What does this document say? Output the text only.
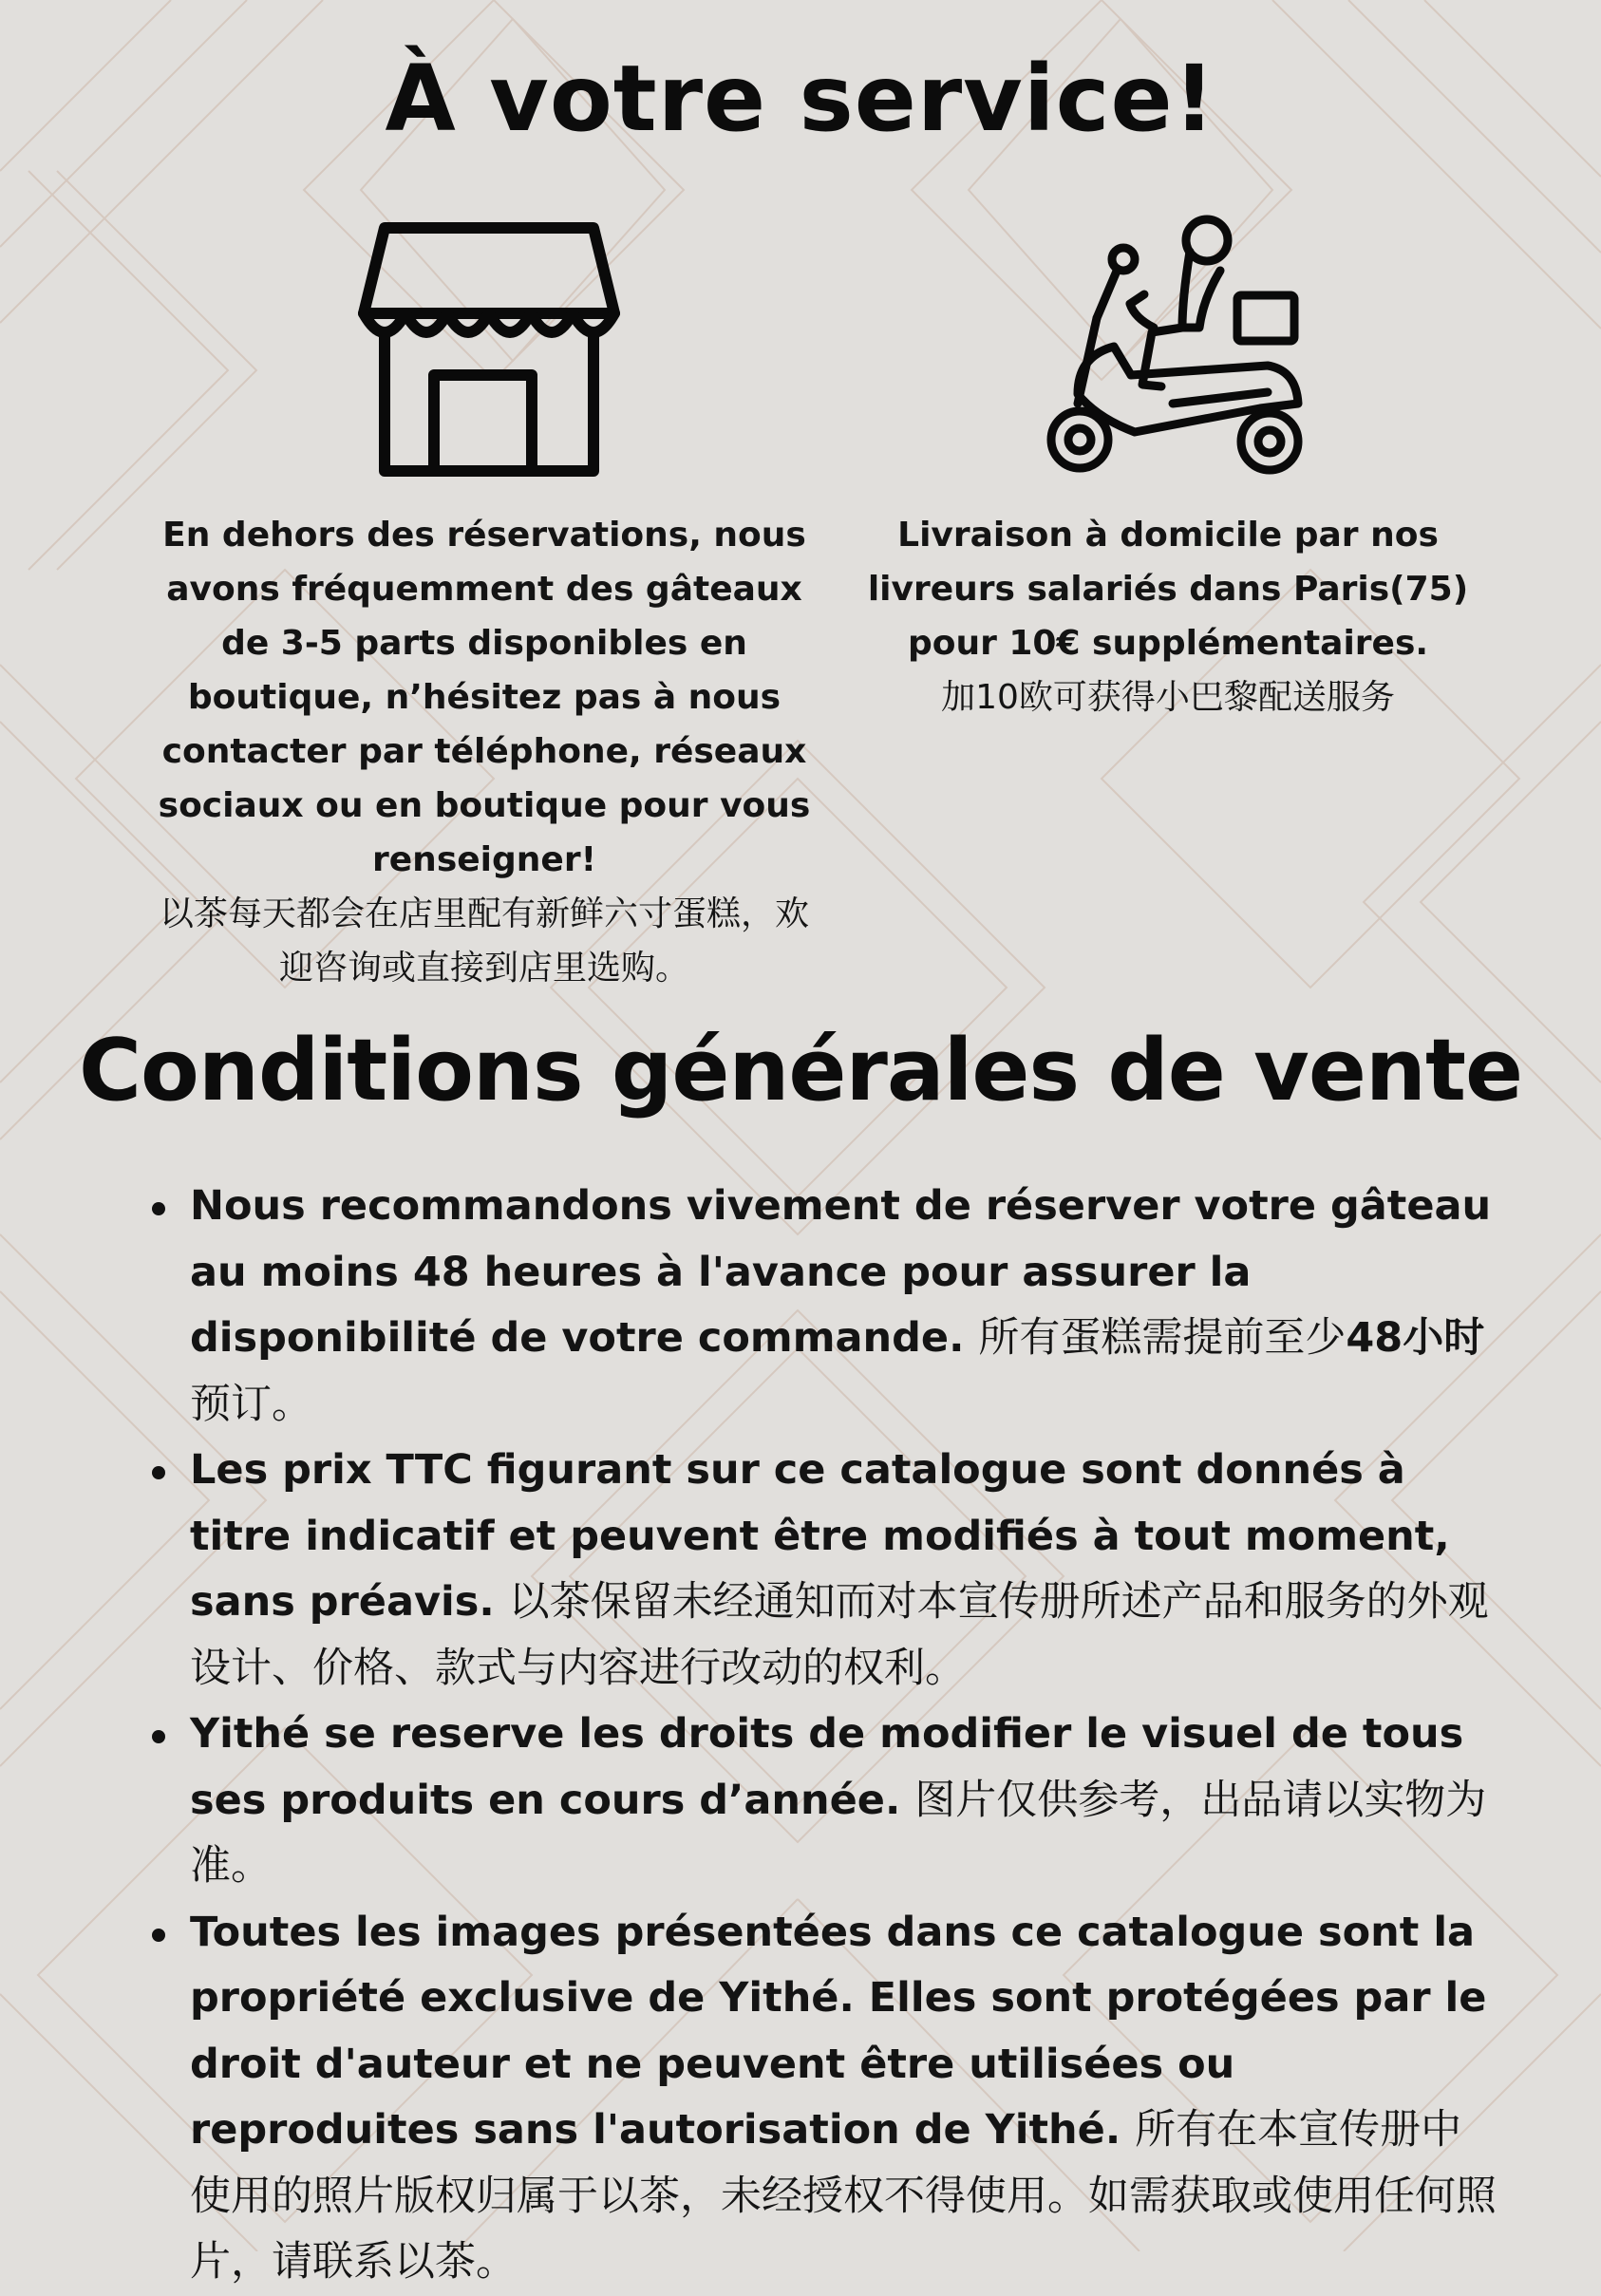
À votre service!
En dehors des réservations, nous avons fréquemment des gâteaux de 3-5 parts disponibles en boutique, n’hésitez pas à nous contacter par téléphone, réseaux sociaux ou en boutique pour vous renseigner!
以茶每天都会在店里配有新鲜六寸蛋糕，欢迎咨询或直接到店里选购。
Livraison à domicile par nos livreurs salariés dans Paris(75) pour 10€ supplémentaires.
加10欧可获得小巴黎配送服务
Conditions générales de vente
Nous recommandons vivement de réserver votre gâteau au moins 48 heures à l'avance pour assurer la disponibilité de votre commande. 所有蛋糕需提前至少48小时预订。
Les prix TTC figurant sur ce catalogue sont donnés à titre indicatif et peuvent être modifiés à tout moment, sans préavis. 以茶保留未经通知而对本宣传册所述产品和服务的外观设计、价格、款式与内容进行改动的权利。
Yithé se reserve les droits de modifier le visuel de tous ses produits en cours d’année. 图片仅供参考，出品请以实物为准。
Toutes les images présentées dans ce catalogue sont la propriété exclusive de Yithé. Elles sont protégées par le droit d'auteur et ne peuvent être utilisées ou reproduites sans l'autorisation de Yithé. 所有在本宣传册中使用的照片版权归属于以茶，未经授权不得使用。如需获取或使用任何照片，请联系以茶。
